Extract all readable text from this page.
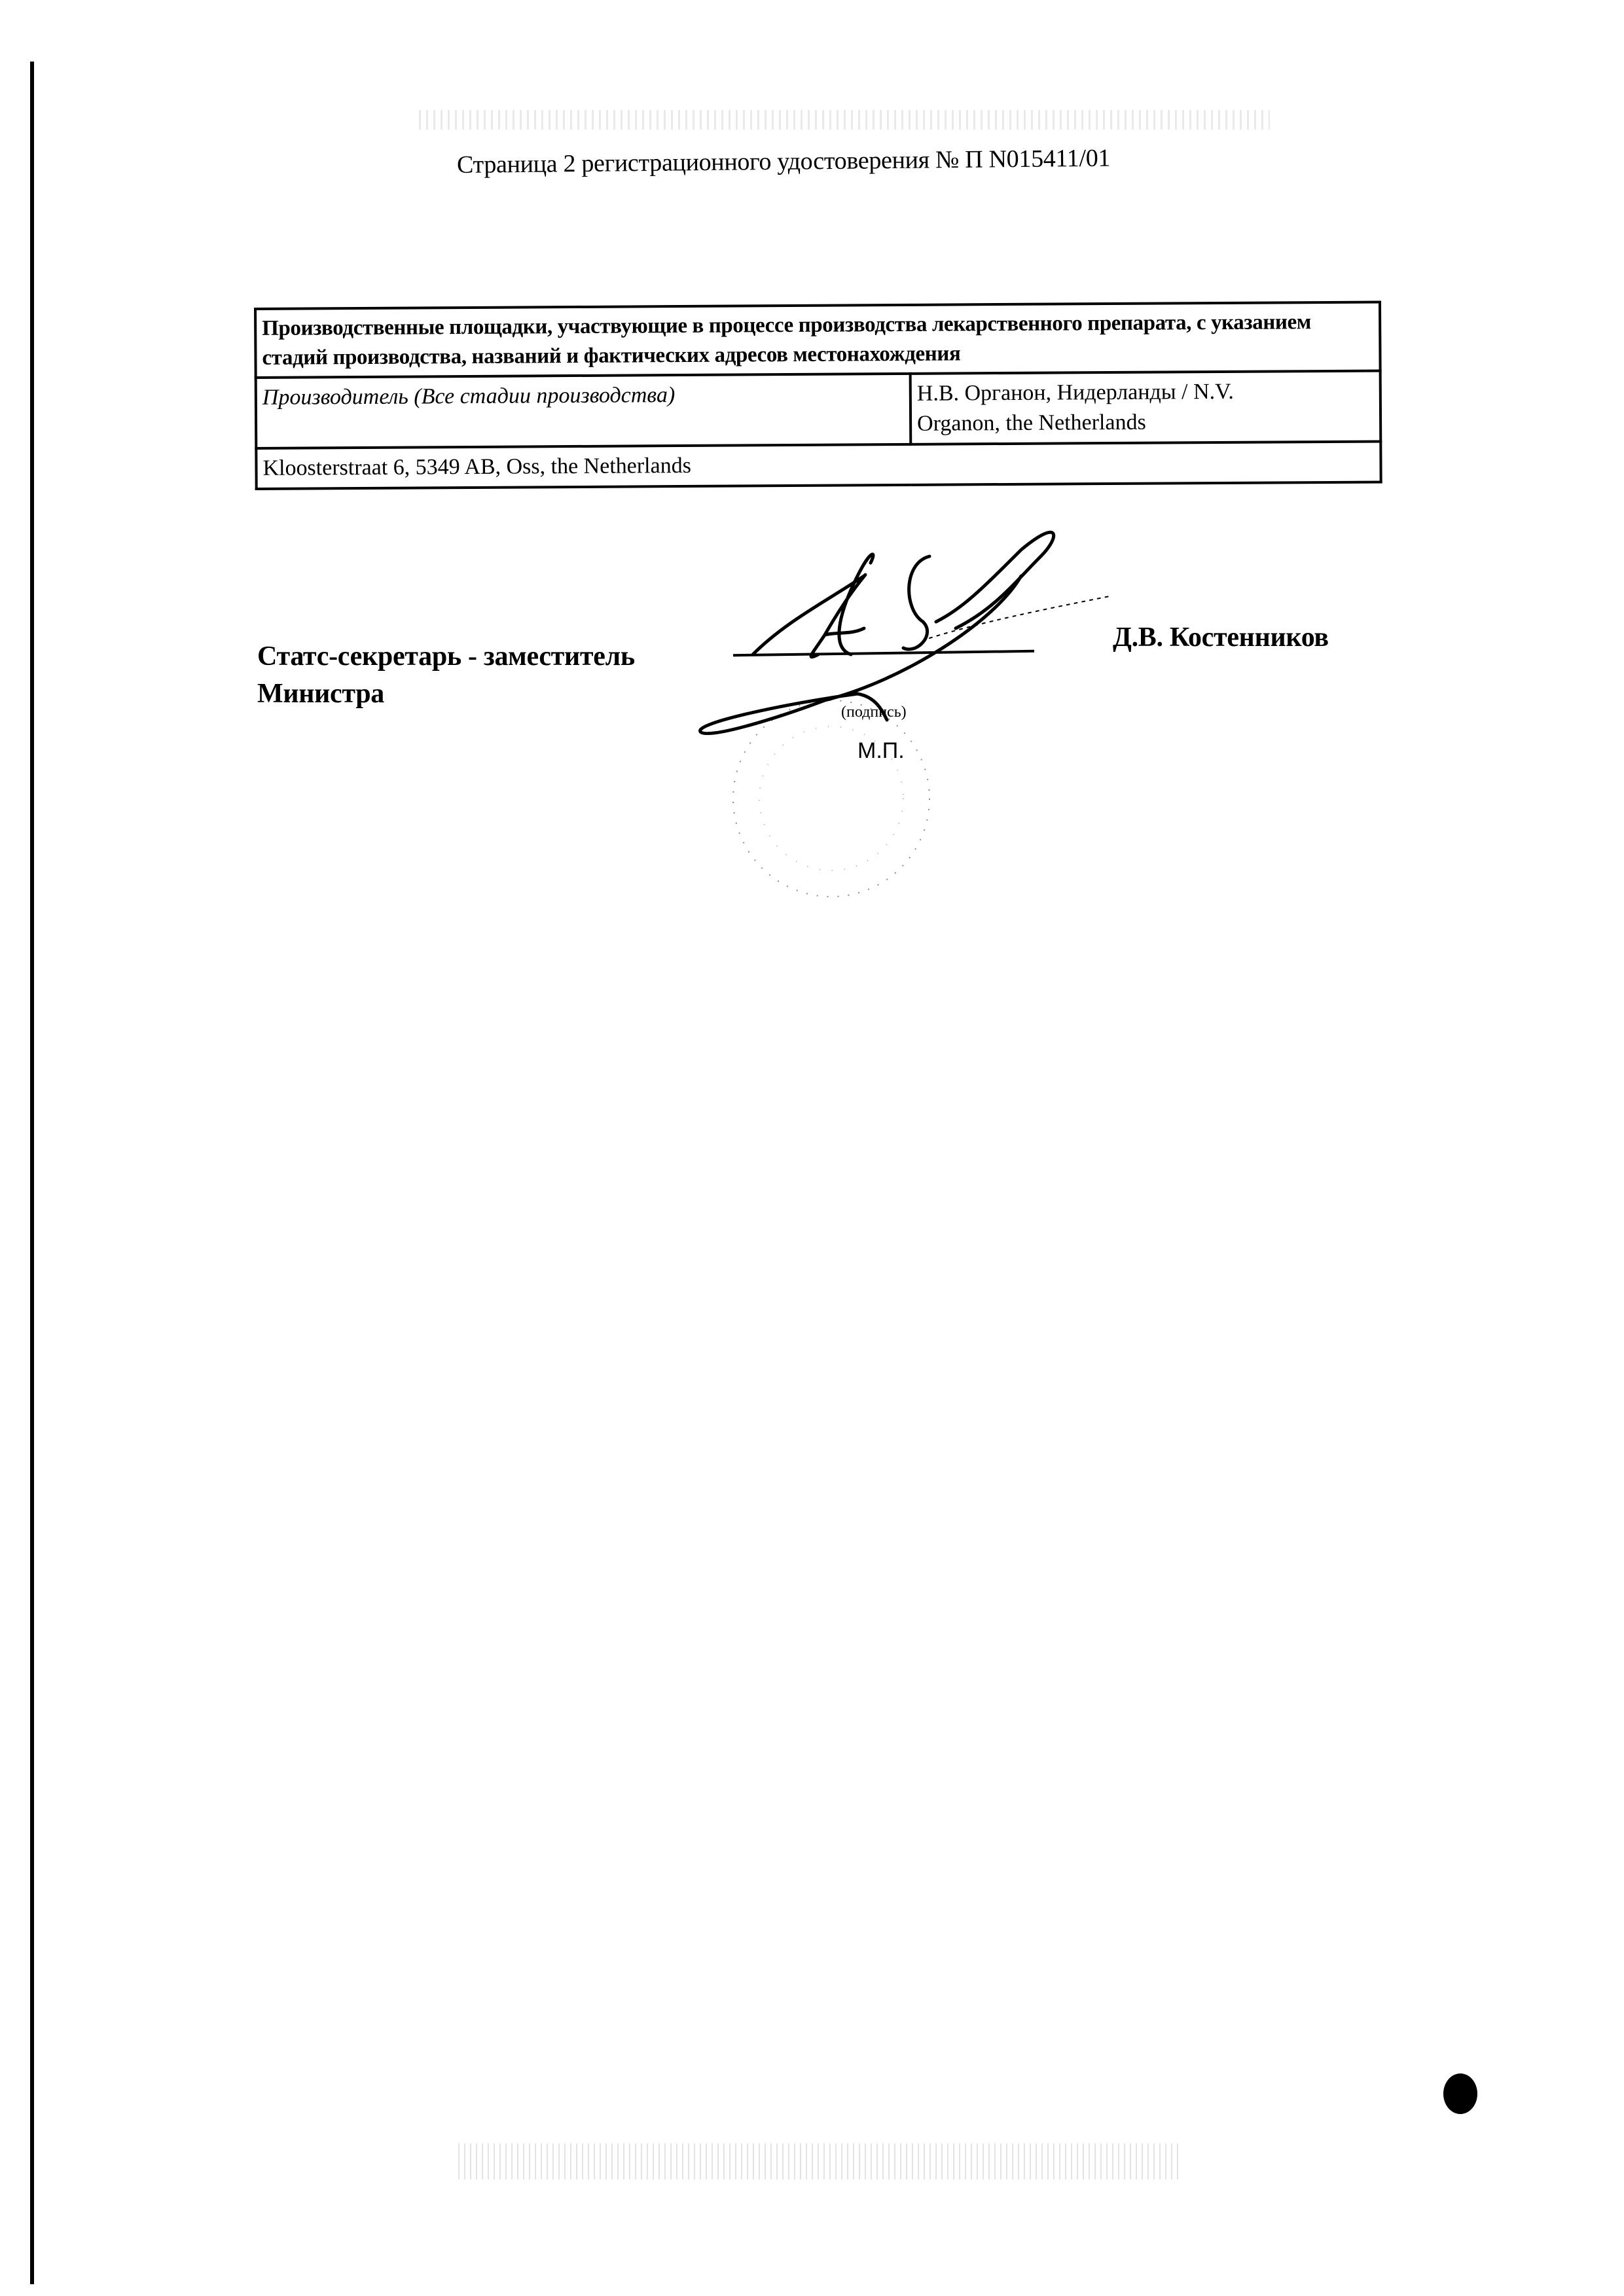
Страница 2 регистрационного удостоверения № П N015411/01
Производственные площадки, участвующие в процессе производства лекарственного препарата, с указанием стадий производства, названий и фактических адресов местонахождения
Производитель (Все стадии производства)	Н.В. Органон, Нидерланды / N.V.
Organon, the Netherlands

Kloosterstraat 6, 5349 AB, Oss, the Netherlands
Статс-секретарь - заместитель
Министра
Д.В. Костенников
(подпись)
М.П.
